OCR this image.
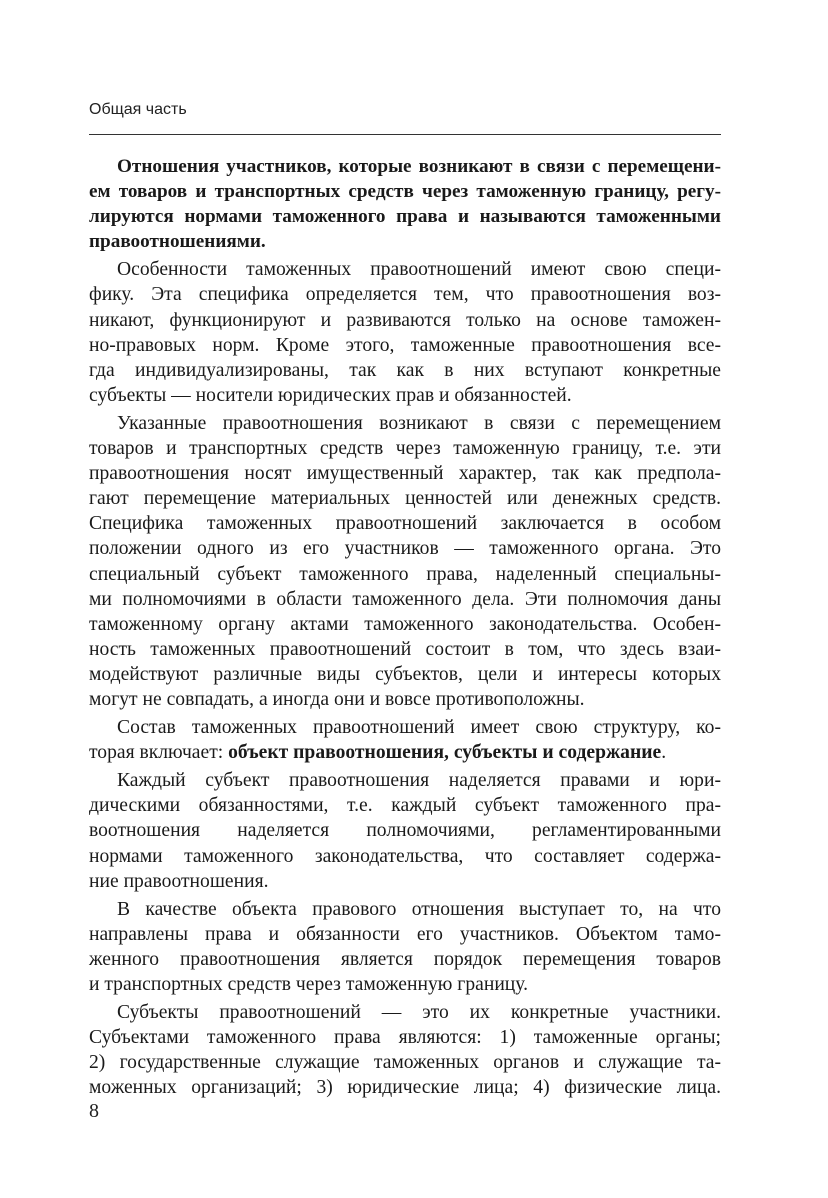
Общая часть
Отношения участников, которые возникают в связи с перемещени-
ем товаров и транспортных средств через таможенную границу, регу-
лируются нормами таможенного права и называются таможенными
правоотношениями.
Особенности таможенных правоотношений имеют свою специ-
фику. Эта специфика определяется тем, что правоотношения воз-
никают, функционируют и развиваются только на основе таможен-
но-правовых норм. Кроме этого, таможенные правоотношения все-
гда индивидуализированы, так как в них вступают конкретные
субъекты — носители юридических прав и обязанностей.
Указанные правоотношения возникают в связи с перемещением
товаров и транспортных средств через таможенную границу, т.е. эти
правоотношения носят имущественный характер, так как предпола-
гают перемещение материальных ценностей или денежных средств.
Специфика таможенных правоотношений заключается в особом
положении одного из его участников — таможенного органа. Это
специальный субъект таможенного права, наделенный специальны-
ми полномочиями в области таможенного дела. Эти полномочия даны
таможенному органу актами таможенного законодательства. Особен-
ность таможенных правоотношений состоит в том, что здесь взаи-
модействуют различные виды субъектов, цели и интересы которых
могут не совпадать, а иногда они и вовсе противоположны.
Состав таможенных правоотношений имеет свою структуру, ко-
торая включает: объект правоотношения, субъекты и содержание.
Каждый субъект правоотношения наделяется правами и юри-
дическими обязанностями, т.е. каждый субъект таможенного пра-
воотношения наделяется полномочиями, регламентированными
нормами таможенного законодательства, что составляет содержа-
ние правоотношения.
В качестве объекта правового отношения выступает то, на что
направлены права и обязанности его участников. Объектом тамо-
женного правоотношения является порядок перемещения товаров
и транспортных средств через таможенную границу.
Субъекты правоотношений — это их конкретные участники.
Субъектами таможенного права являются: 1) таможенные органы;
2) государственные служащие таможенных органов и служащие та-
моженных организаций; 3) юридические лица; 4) физические лица.
8
